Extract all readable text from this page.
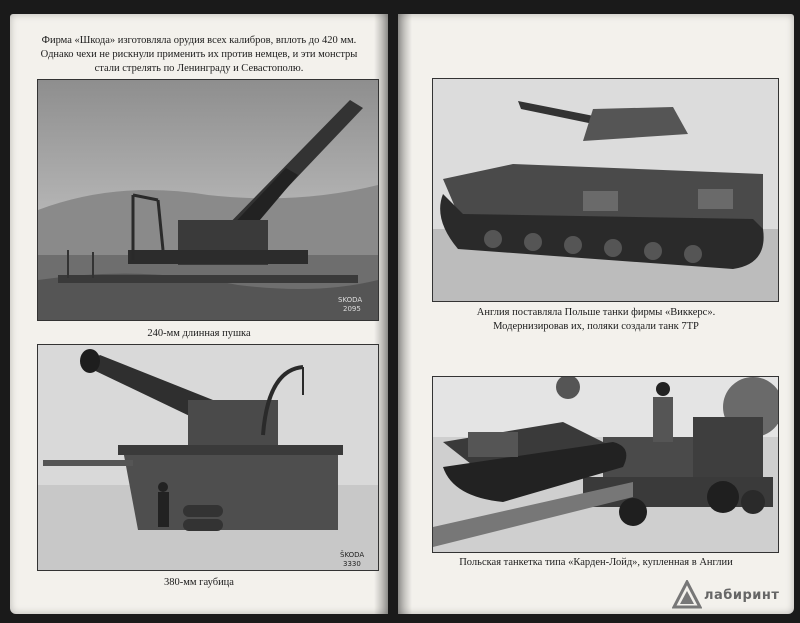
Фирма «Шкода» изготовляла орудия всех калибров, вплоть до 420 мм.
Однако чехи не рискнули применить их против немцев, и эти монстры
стали стрелять по Ленинграду и Севастополю.
SKODA
2095
240-мм длинная пушка
ŠKODA
3330
380-мм гаубица
Англия поставляла Польше танки фирмы «Виккерс».
Модернизировав их, поляки создали танк 7ТР
Польская танкетка типа «Карден-Лойд», купленная в Англии
лабиринт
